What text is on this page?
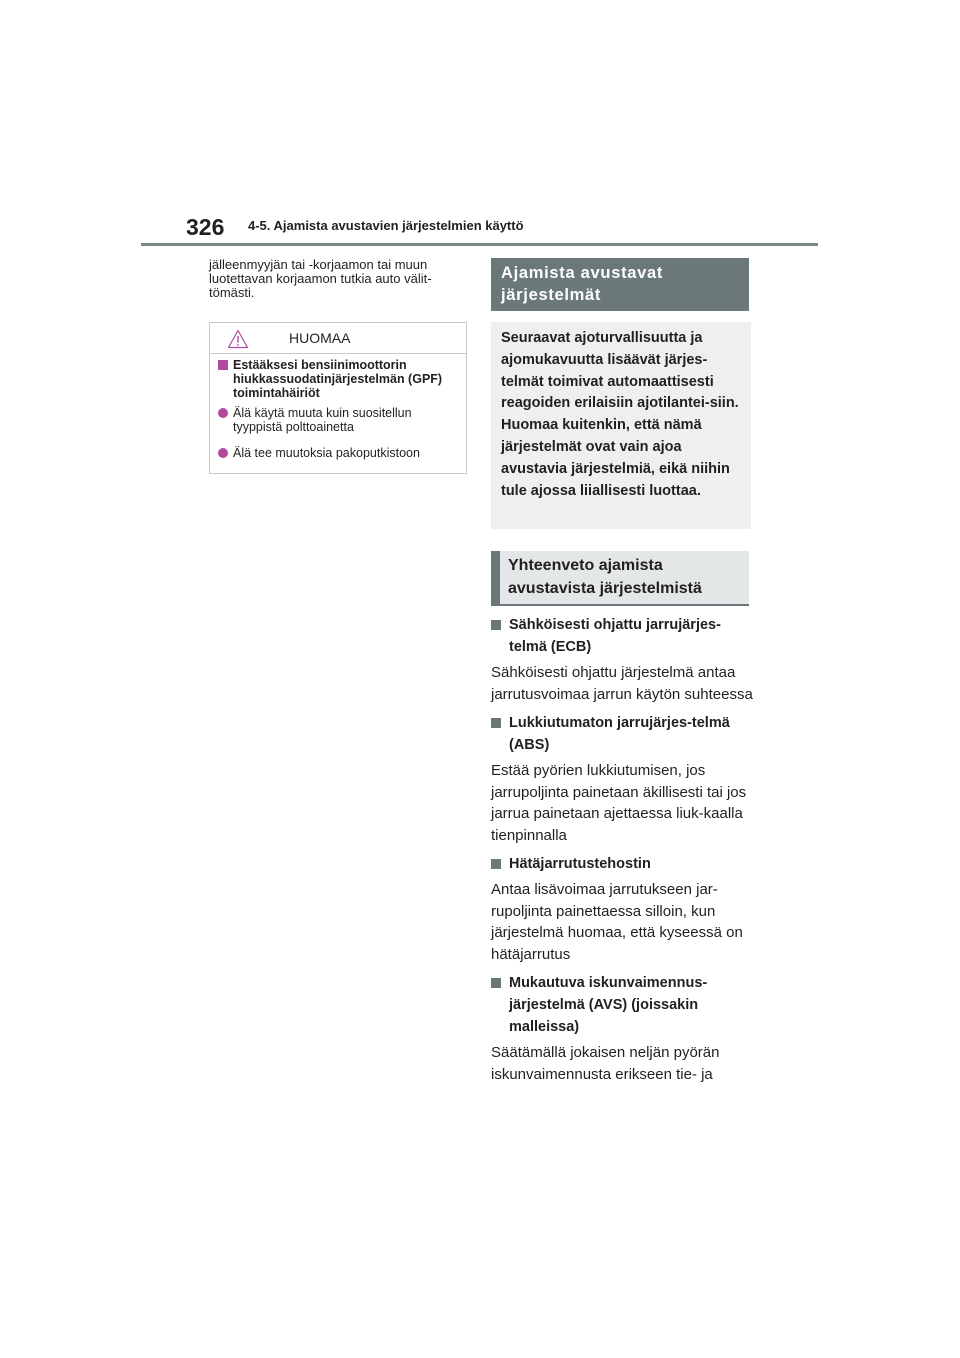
326 4-5. Ajamista avustavien järjestelmien käyttö

jälleenmyyjän tai -korjaamon tai muun luotettavan korjaamon tutkia auto välit-tömästi.

HUOMAA
Estääksesi bensiinimoottorin hiukkassuodatinjärjestelmän (GPF) toimintahäiriöt
Älä käytä muuta kuin suositellun tyyppistä polttoainetta
Älä tee muutoksia pakoputkistoon
Ajamista avustavat järjestelmät
Seuraavat ajoturvallisuutta ja ajomukavuutta lisäävät järjes-telmät toimivat automaattisesti reagoiden erilaisiin ajotilantei-siin. Huomaa kuitenkin, että nämä järjestelmät ovat vain ajoa avustavia järjestelmiä, eikä niihin tule ajossa liiallisesti luottaa.
Yhteenveto ajamista avustavista järjestelmistä
Sähköisesti ohjattu jarrujärjes-telmä (ECB)

Sähköisesti ohjattu järjestelmä antaa jarrutusvoimaa jarrun käytön suhteessa

Lukkiutumaton jarrujärjes-telmä (ABS)

Estää pyörien lukkiutumisen, jos jarrupoljinta painetaan äkillisesti tai jos jarrua painetaan ajettaessa liuk-kaalla tienpinnalla

Hätäjarrutustehostin

Antaa lisävoimaa jarrutukseen jar-rupoljinta painettaessa silloin, kun järjestelmä huomaa, että kyseessä on hätäjarrutus

Mukautuva iskunvaimennus-järjestelmä (AVS) (joissakin malleissa)

Säätämällä jokaisen neljän pyörän iskunvaimennusta erikseen tie- ja
